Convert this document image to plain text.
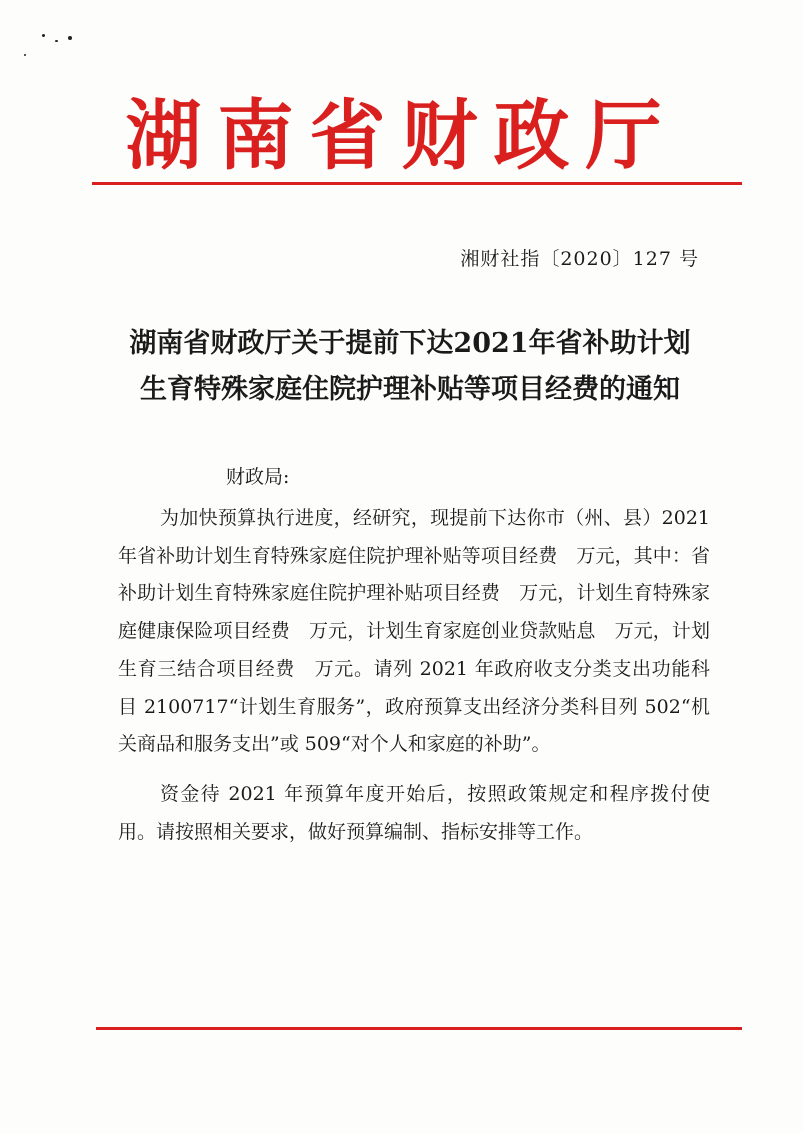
湖南省财政厅
湘财社指〔2020〕127 号
湖南省财政厅关于提前下达2021年省补助计划
生育特殊家庭住院护理补贴等项目经费的通知
财政局:

为加快预算执行进度，经研究，现提前下达你市（州、县）2021 年省补助计划生育特殊家庭住院护理补贴等项目经费　万元，其中：省补助计划生育特殊家庭住院护理补贴项目经费　万元，计划生育特殊家庭健康保险项目经费　万元，计划生育家庭创业贷款贴息　万元，计划生育三结合项目经费　万元。请列 2021 年政府收支分类支出功能科目 2100717“计划生育服务”，政府预算支出经济分类科目列 502“机关商品和服务支出”或 509“对个人和家庭的补助”。

资金待 2021 年预算年度开始后，按照政策规定和程序拨付使用。请按照相关要求，做好预算编制、指标安排等工作。
